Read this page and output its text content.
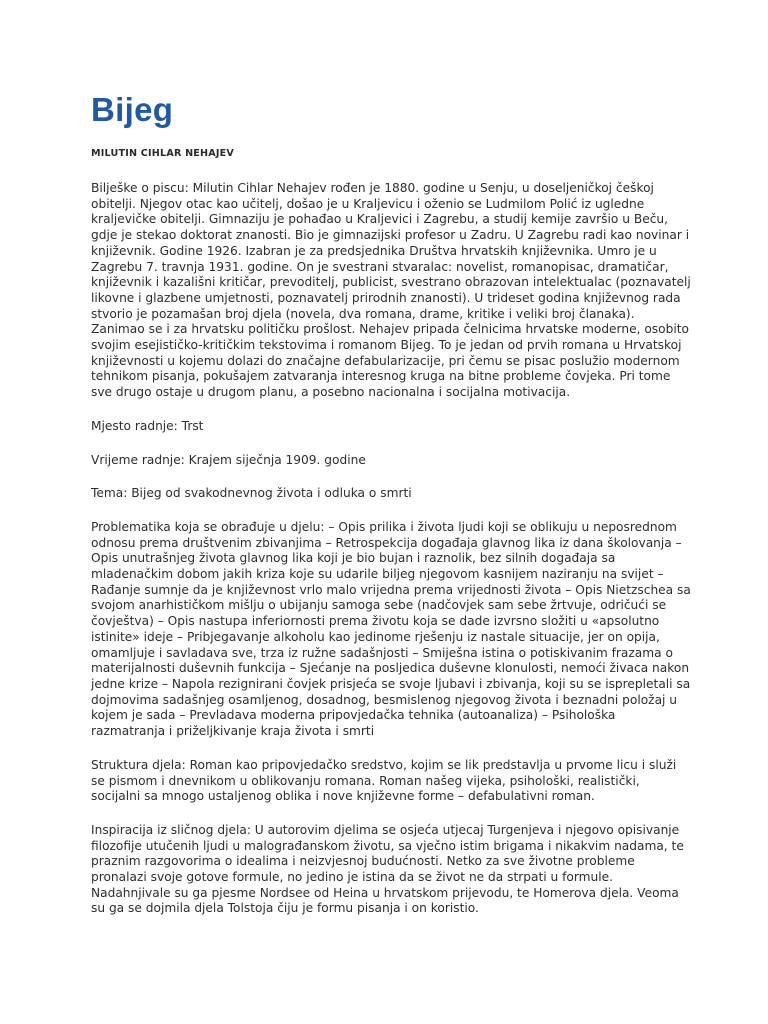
Bijeg
MILUTIN CIHLAR NEHAJEV

Bilješke o piscu: Milutin Cihlar Nehajev rođen je 1880. godine u Senju, u doseljeničkoj češkoj obitelji. Njegov otac kao učitelj, došao je u Kraljevicu i oženio se Ludmilom Polić iz ugledne kraljevičke obitelji. Gimnaziju je pohađao u Kraljevici i Zagrebu, a studij kemije završio u Beču, gdje je stekao doktorat znanosti. Bio je gimnazijski profesor u Zadru. U Zagrebu radi kao novinar i književnik. Godine 1926. Izabran je za predsjednika Društva hrvatskih književnika. Umro je u Zagrebu 7. travnja 1931. godine. On je svestrani stvaralac: novelist, romanopisac, dramatičar, književnik i kazališni kritičar, prevoditelj, publicist, svestrano obrazovan intelektualac (poznavatelj likovne i glazbene umjetnosti, poznavatelj prirodnih znanosti). U trideset godina književnog rada stvorio je pozamašan broj djela (novela, dva romana, drame, kritike i veliki broj članaka). Zanimao se i za hrvatsku političku prošlost. Nehajev pripada čelnicima hrvatske moderne, osobito svojim esejističko-kritičkim tekstovima i romanom Bijeg. To je jedan od prvih romana u Hrvatskoj književnosti u kojemu dolazi do značajne defabularizacije, pri čemu se pisac poslužio modernom tehnikom pisanja, pokušajem zatvaranja interesnog kruga na bitne probleme čovjeka. Pri tome sve drugo ostaje u drugom planu, a posebno nacionalna i socijalna motivacija.

Mjesto radnje: Trst

Vrijeme radnje: Krajem siječnja 1909. godine

Tema: Bijeg od svakodnevnog života i odluka o smrti

Problematika koja se obrađuje u djelu: – Opis prilika i života ljudi koji se oblikuju u neposrednom odnosu prema društvenim zbivanjima – Retrospekcija događaja glavnog lika iz dana školovanja – Opis unutrašnjeg života glavnog lika koji je bio bujan i raznolik, bez silnih događaja sa mladenačkim dobom jakih kriza koje su udarile biljeg njegovom kasnijem naziranju na svijet – Rađanje sumnje da je književnost vrlo malo vrijedna prema vrijednosti života – Opis Nietzschea sa svojom anarhističkom mišlju o ubijanju samoga sebe (nadčovjek sam sebe žrtvuje, odričući se čovještva) – Opis nastupa inferiornosti prema životu koja se dade izvrsno složiti u «apsolutno istinite» ideje – Pribjegavanje alkoholu kao jedinome rješenju iz nastale situacije, jer on opija, omamljuje i savladava sve, trza iz ružne sadašnjosti – Smiješna istina o potiskivanim frazama o materijalnosti duševnih funkcija – Sjećanje na posljedica duševne klonulosti, nemoći živaca nakon jedne krize – Napola rezignirani čovjek prisjeća se svoje ljubavi i zbivanja, koji su se isprepletali sa dojmovima sadašnjeg osamljenog, dosadnog, besmislenog njegovog života i beznadni položaj u kojem je sada – Prevladava moderna pripovjedačka tehnika (autoanaliza) – Psihološka razmatranja i priželjkivanje kraja života i smrti

Struktura djela: Roman kao pripovjedačko sredstvo, kojim se lik predstavlja u prvome licu i služi se pismom i dnevnikom u oblikovanju romana. Roman našeg vijeka, psihološki, realistički, socijalni sa mnogo ustaljenog oblika i nove književne forme – defabulativni roman.

Inspiracija iz sličnog djela: U autorovim djelima se osjeća utjecaj Turgenjeva i njegovo opisivanje filozofije utučenih ljudi u malograđanskom životu, sa vječno istim brigama i nikakvim nadama, te praznim razgovorima o idealima i neizvjesnoj budućnosti. Netko za sve životne probleme pronalazi svoje gotove formule, no jedino je istina da se život ne da strpati u formule. Nadahnjivale su ga pjesme Nordsee od Heina u hrvatskom prijevodu, te Homerova djela. Veoma su ga se dojmila djela Tolstoja čiju je formu pisanja i on koristio.
